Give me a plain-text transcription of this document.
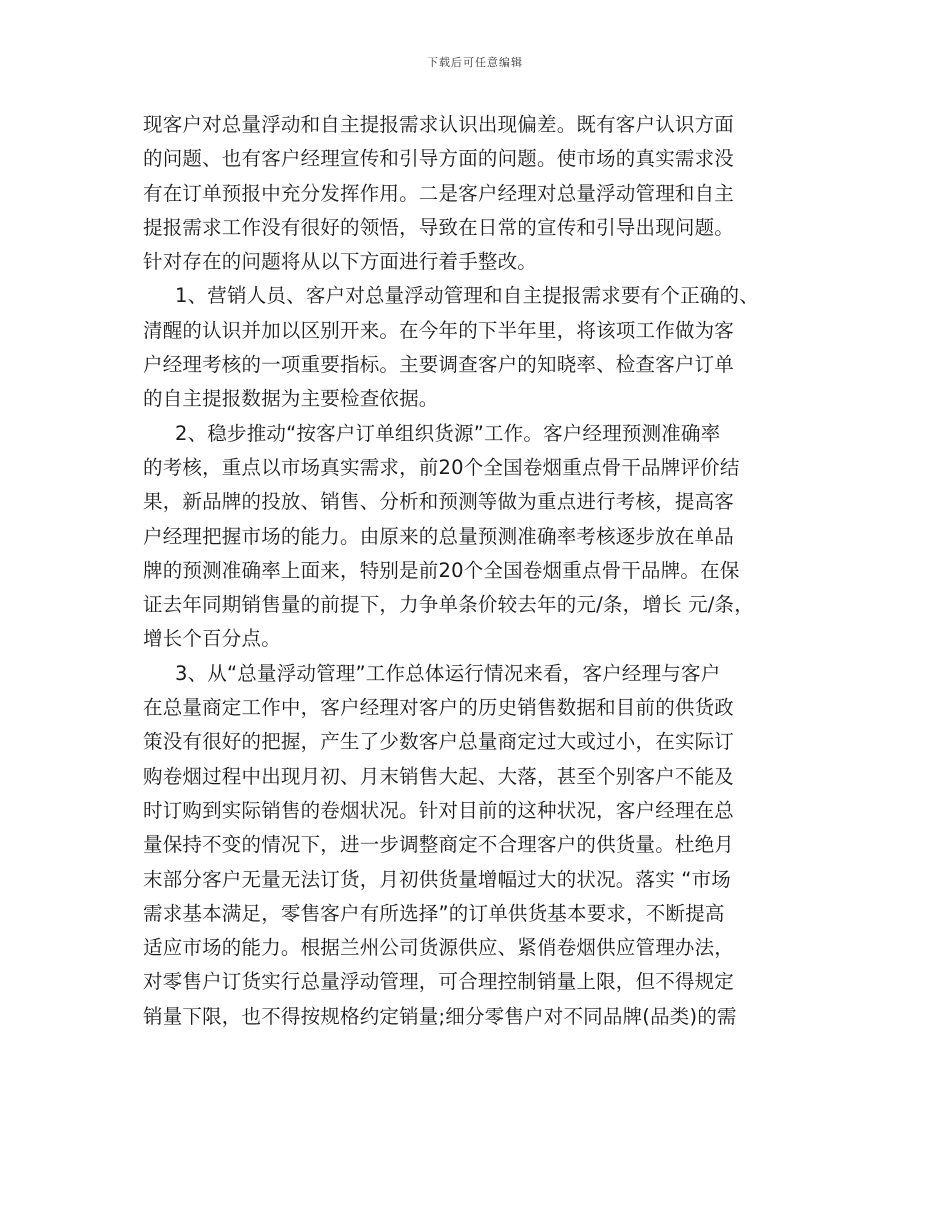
下载后可任意编辑
现客户对总量浮动和自主提报需求认识出现偏差。既有客户认识方面
的问题、也有客户经理宣传和引导方面的问题。使市场的真实需求没
有在订单预报中充分发挥作用。二是客户经理对总量浮动管理和自主
提报需求工作没有很好的领悟，导致在日常的宣传和引导出现问题。
针对存在的问题将从以下方面进行着手整改。
1、营销人员、客户对总量浮动管理和自主提报需求要有个正确的、
清醒的认识并加以区别开来。在今年的下半年里，将该项工作做为客
户经理考核的一项重要指标。主要调查客户的知晓率、检查客户订单
的自主提报数据为主要检查依据。
2、稳步推动“按客户订单组织货源”工作。客户经理预测准确率
的考核，重点以市场真实需求，前20个全国卷烟重点骨干品牌评价结
果，新品牌的投放、销售、分析和预测等做为重点进行考核，提高客
户经理把握市场的能力。由原来的总量预测准确率考核逐步放在单品
牌的预测准确率上面来，特别是前20个全国卷烟重点骨干品牌。在保
证去年同期销售量的前提下，力争单条价较去年的元/条，增长 元/条，
增长个百分点。
3、从“总量浮动管理”工作总体运行情况来看，客户经理与客户
在总量商定工作中，客户经理对客户的历史销售数据和目前的供货政
策没有很好的把握，产生了少数客户总量商定过大或过小，在实际订
购卷烟过程中出现月初、月末销售大起、大落，甚至个别客户不能及
时订购到实际销售的卷烟状况。针对目前的这种状况，客户经理在总
量保持不变的情况下，进一步调整商定不合理客户的供货量。杜绝月
末部分客户无量无法订货，月初供货量增幅过大的状况。落实 “市场
需求基本满足，零售客户有所选择”的订单供货基本要求，不断提高
适应市场的能力。根据兰州公司货源供应、紧俏卷烟供应管理办法，
对零售户订货实行总量浮动管理，可合理控制销量上限，但不得规定
销量下限，也不得按规格约定销量;细分零售户对不同品牌(品类)的需
